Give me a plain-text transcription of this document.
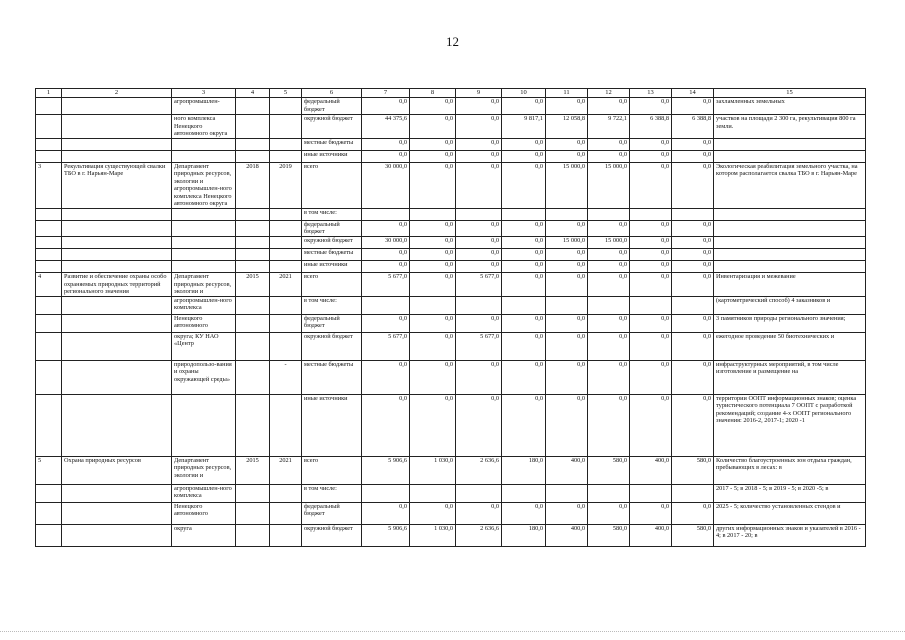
12
1	2	3	4	5	6	7	8	9	10	11	12	13	14	15
		агропромышлен-			федеральный бюджет	0,0	0,0	0,0	0,0	0,0	0,0	0,0	0,0	захламленных земельных
		ного комплекса Ненецкого автономного округа			окружной бюджет	44 375,6	0,0	0,0	9 817,1	12 058,8	9 722,1	6 388,8	6 388,8	участков на площади 2 300 га, рекультивация 800 га земли.
					местные бюджеты	0,0	0,0	0,0	0,0	0,0	0,0	0,0	0,0	
					иные источники	0,0	0,0	0,0	0,0	0,0	0,0	0,0	0,0	
3	Рекультивация существующей свалки ТБО в г. Нарьян-Маре	Департамент природных ресурсов, экологии и агропромышлен-ного комплекса Ненецкого автономного округа	2018	2019	всего	30 000,0	0,0	0,0	0,0	15 000,0	15 000,0	0,0	0,0	Экологическая реабилитация земельного участка, на котором располагается свалка ТБО в г. Нарьян-Маре
					в том числе:									
					федеральный бюджет	0,0	0,0	0,0	0,0	0,0	0,0	0,0	0,0	
					окружной бюджет	30 000,0	0,0	0,0	0,0	15 000,0	15 000,0	0,0	0,0	
					местные бюджеты	0,0	0,0	0,0	0,0	0,0	0,0	0,0	0,0	
					иные источники	0,0	0,0	0,0	0,0	0,0	0,0	0,0	0,0	
4	Развитие и обеспечение охраны особо охраняемых природных территорий регионального значения	Департамент природных ресурсов, экологии и	2015	2021	всего	5 677,0	0,0	5 677,0	0,0	0,0	0,0	0,0	0,0	Инвентаризация и межевание
		агропромышлен-ного комплекса			в том числе:									(картометрический способ) 4 заказников и
		Ненецкого автономного			федеральный бюджет	0,0	0,0	0,0	0,0	0,0	0,0	0,0	0,0	3 памятников природы регионального значения;
		округа; КУ НАО «Центр			окружной бюджет	5 677,0	0,0	5 677,0	0,0	0,0	0,0	0,0	0,0	ежегодное проведение 50 биотехнических и
		природопользо-вания и охраны окружающей среды»		-	местные бюджеты	0,0	0,0	0,0	0,0	0,0	0,0	0,0	0,0	инфраструктурных мероприятий, в том числе изготовление и размещение на
					иные источники	0,0	0,0	0,0	0,0	0,0	0,0	0,0	0,0	территории ООПТ информационных знаков; оценка туристического потенциала 7 ООПТ с разработкой рекомендаций; создание 4-х ООПТ регионального значения: 2016-2, 2017-1; 2020 -1
5	Охрана природных ресурсов	Департамент природных ресурсов, экологии и	2015	2021	всего	5 906,6	1 030,0	2 636,6	180,0	400,0	580,0	400,0	580,0	Количество благоустроенных зон отдыха граждан, пребывающих в лесах: в
		агропромышлен-ного комплекса			в том числе:									2017 - 5; в 2018 - 5; в 2019 - 5; в 2020 -5; в
		Ненецкого автономного			федеральный бюджет	0,0	0,0	0,0	0,0	0,0	0,0	0,0	0,0	2025 - 5; количество установленных стендов и
		округа			окружной бюджет	5 906,6	1 030,0	2 636,6	180,0	400,0	580,0	400,0	580,0	других информационных знаков и указателей в 2016 - 4; в 2017 - 20; в
